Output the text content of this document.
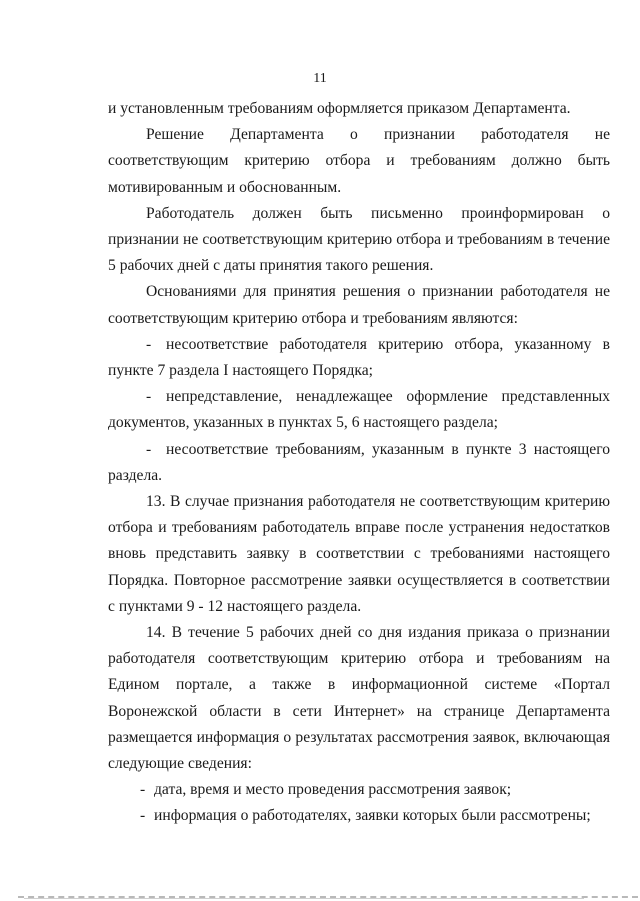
11

и установленным требованиям оформляется приказом Департамента.

Решение Департамента о признании работодателя не соответствующим критерию отбора и требованиям должно быть мотивированным и обоснованным.

Работодатель должен быть письменно проинформирован о признании не соответствующим критерию отбора и требованиям в течение 5 рабочих дней с даты принятия такого решения.

Основаниями для принятия решения о признании работодателя не соответствующим критерию отбора и требованиям являются:

- несоответствие работодателя критерию отбора, указанному в пункте 7 раздела I настоящего Порядка;

- непредставление, ненадлежащее оформление представленных документов, указанных в пунктах 5, 6 настоящего раздела;

- несоответствие требованиям, указанным в пункте 3 настоящего раздела.

13. В случае признания работодателя не соответствующим критерию отбора и требованиям работодатель вправе после устранения недостатков вновь представить заявку в соответствии с требованиями настоящего Порядка. Повторное рассмотрение заявки осуществляется в соответствии с пунктами 9 - 12 настоящего раздела.

14. В течение 5 рабочих дней со дня издания приказа о признании работодателя соответствующим критерию отбора и требованиям на Едином портале, а также в информационной системе «Портал Воронежской области в сети Интернет» на странице Департамента размещается информация о результатах рассмотрения заявок, включающая следующие сведения:

- дата, время и место проведения рассмотрения заявок;

- информация о работодателях, заявки которых были рассмотрены;
